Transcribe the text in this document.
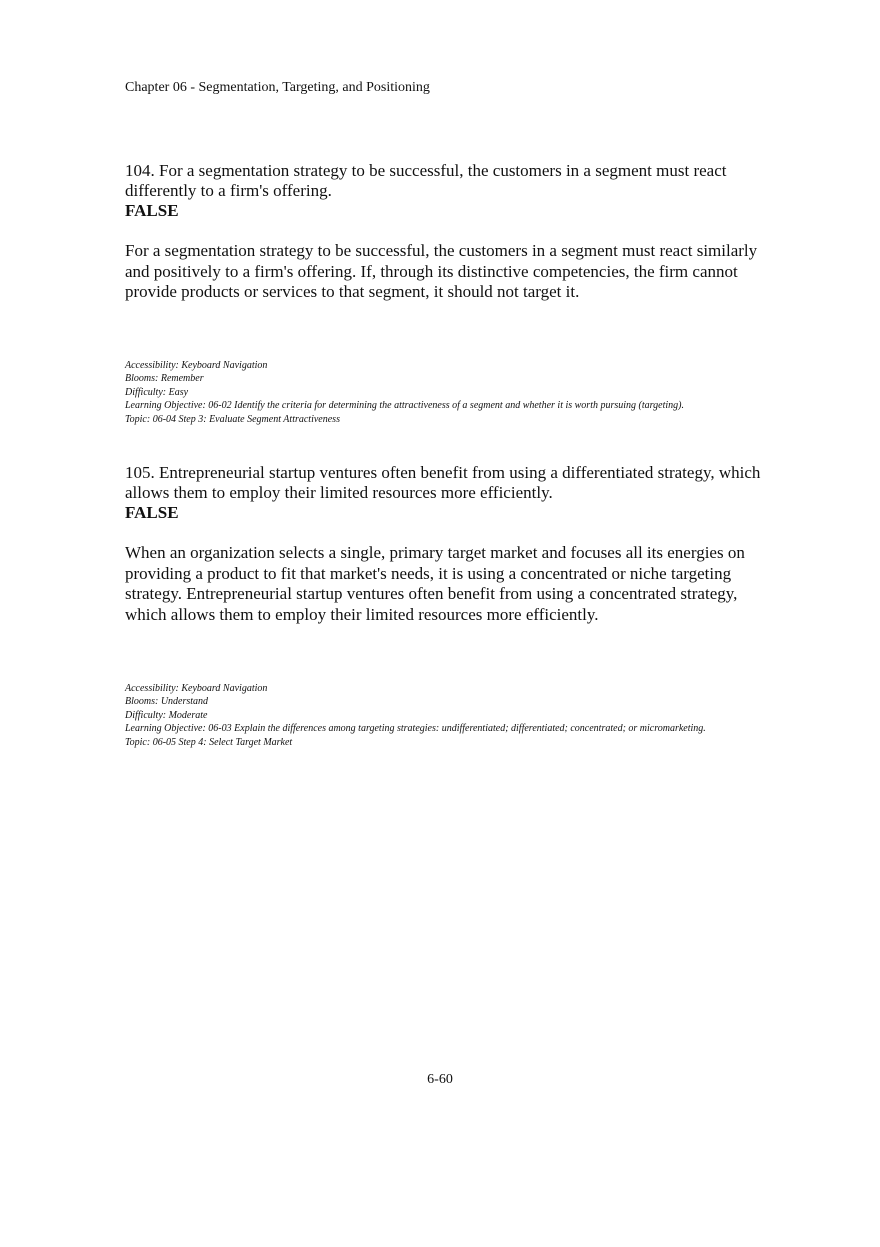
Chapter 06 - Segmentation, Targeting, and Positioning

104. For a segmentation strategy to be successful, the customers in a segment must react differently to a firm's offering.

FALSE

For a segmentation strategy to be successful, the customers in a segment must react similarly and positively to a firm's offering. If, through its distinctive competencies, the firm cannot provide products or services to that segment, it should not target it.

Accessibility: Keyboard Navigation
Blooms: Remember
Difficulty: Easy
Learning Objective: 06-02 Identify the criteria for determining the attractiveness of a segment and whether it is worth pursuing (targeting).
Topic: 06-04 Step 3: Evaluate Segment Attractiveness

105. Entrepreneurial startup ventures often benefit from using a differentiated strategy, which allows them to employ their limited resources more efficiently.

FALSE

When an organization selects a single, primary target market and focuses all its energies on providing a product to fit that market's needs, it is using a concentrated or niche targeting strategy. Entrepreneurial startup ventures often benefit from using a concentrated strategy, which allows them to employ their limited resources more efficiently.

Accessibility: Keyboard Navigation
Blooms: Understand
Difficulty: Moderate
Learning Objective: 06-03 Explain the differences among targeting strategies: undifferentiated; differentiated; concentrated; or micromarketing.
Topic: 06-05 Step 4: Select Target Market
6-60
